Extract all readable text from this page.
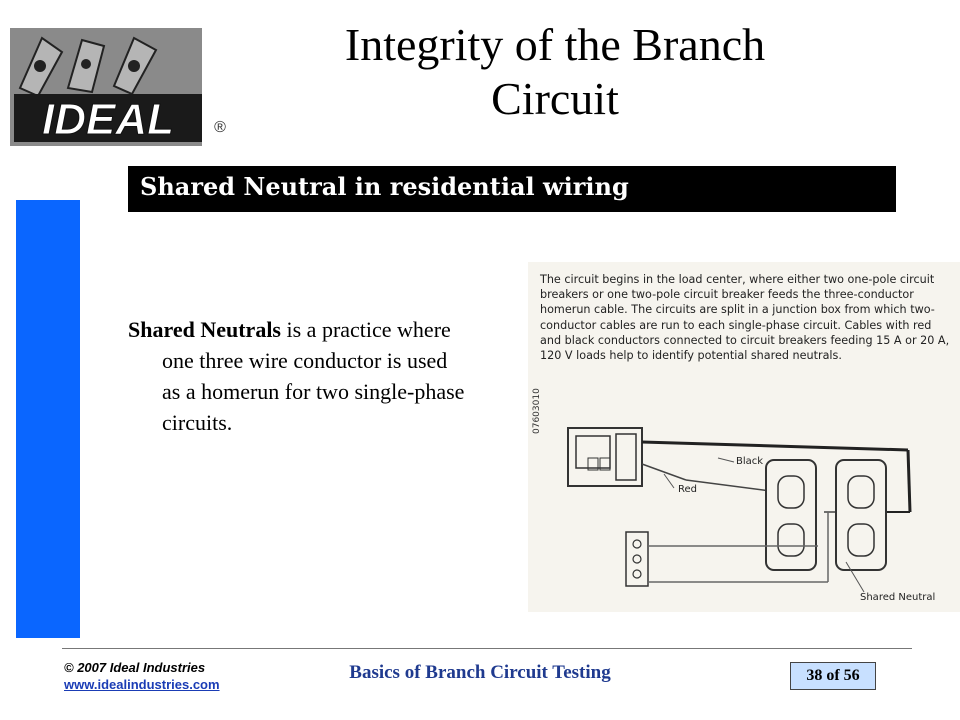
IDEAL	®
Integrity of the Branch
Circuit
Shared Neutral in residential wiring

Shared Neutrals is a practice where one three wire conductor is used as a homerun for two single-phase circuits.

The circuit begins in the load center, where either two one-pole circuit breakers or one two-pole circuit breaker feeds the three-conductor homerun cable. The circuits are split in a junction box from which two-conductor cables are run to each single-phase circuit. Cables with red and black conductors connected to circuit breakers feeding 15 A or 20 A, 120 V loads help to identify potential shared neutrals.
Black
Red
Shared Neutral
07603010
© 2007 Ideal Industries
www.idealindustries.com
Basics of Branch Circuit Testing	38 of 56
